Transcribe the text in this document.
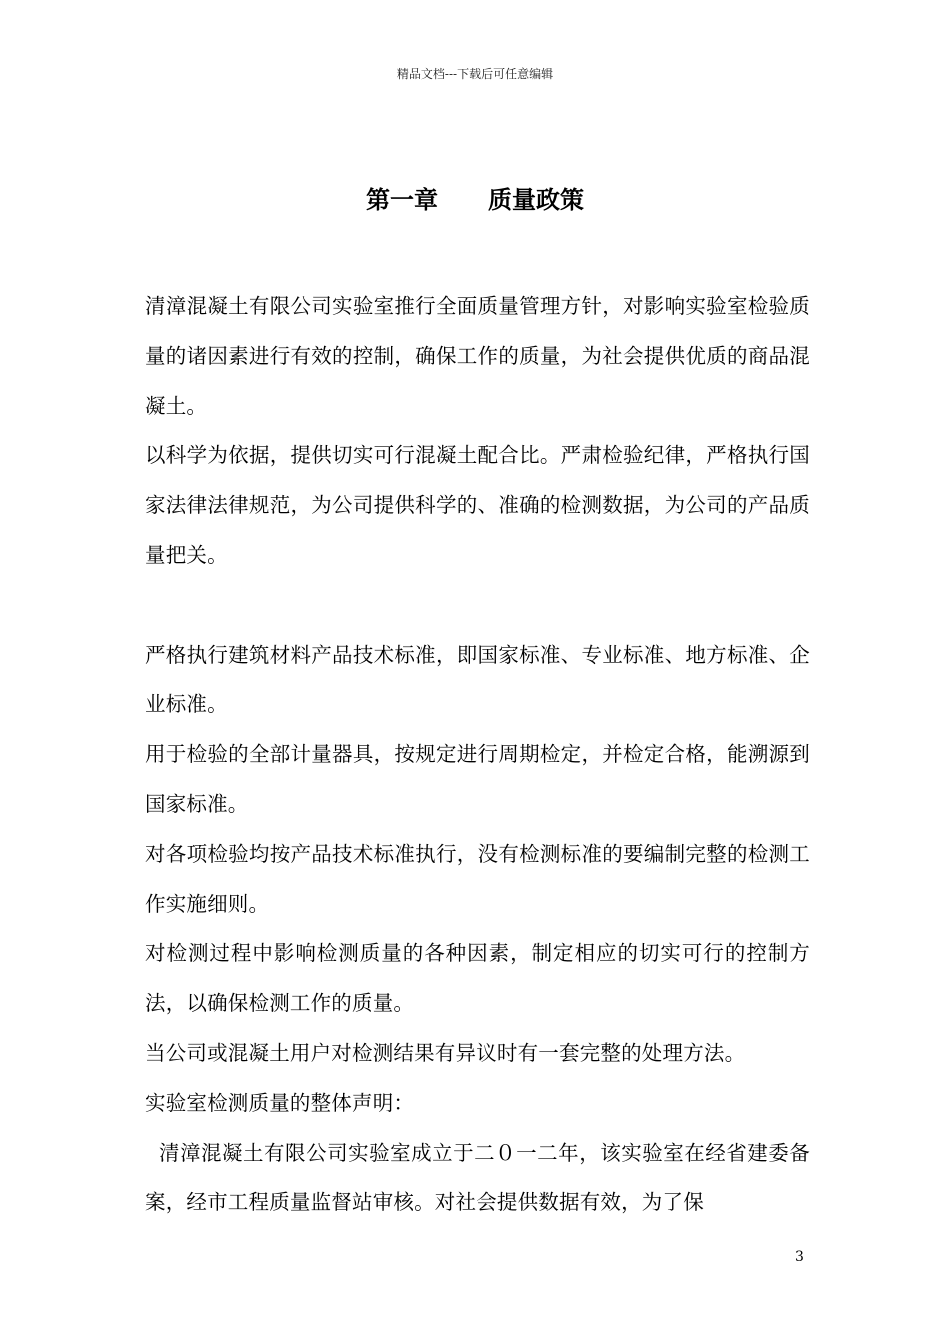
精品文档---下载后可任意编辑
第一章 质量政策

清漳混凝土有限公司实验室推行全面质量管理方针，对影响实验室检验质量的诸因素进行有效的控制，确保工作的质量，为社会提供优质的商品混凝土。

以科学为依据，提供切实可行混凝土配合比。严肃检验纪律，严格执行国家法律法律规范，为公司提供科学的、准确的检测数据，为公司的产品质量把关。

严格执行建筑材料产品技术标准，即国家标准、专业标准、地方标准、企业标准。

用于检验的全部计量器具，按规定进行周期检定，并检定合格，能溯源到国家标准。

对各项检验均按产品技术标准执行，没有检测标准的要编制完整的检测工作实施细则。

对检测过程中影响检测质量的各种因素，制定相应的切实可行的控制方法，以确保检测工作的质量。

当公司或混凝土用户对检测结果有异议时有一套完整的处理方法。

实验室检测质量的整体声明：

清漳混凝土有限公司实验室成立于二０一二年，该实验室在经省建委备案，经市工程质量监督站审核。对社会提供数据有效，为了保

3
